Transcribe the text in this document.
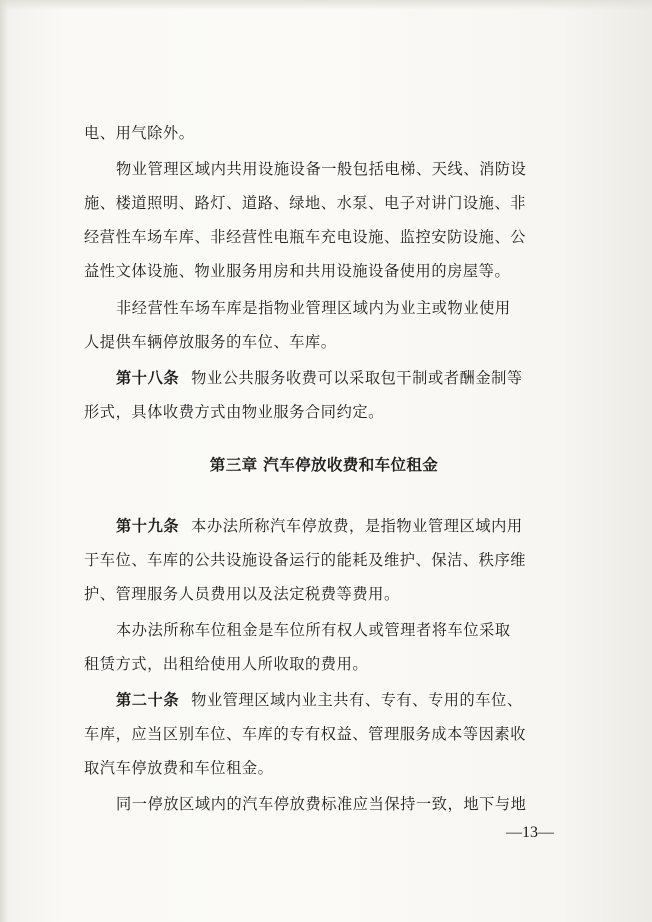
电、用气除外。
物业管理区域内共用设施设备一般包括电梯、天线、消防设
施、楼道照明、路灯、道路、绿地、水泵、电子对讲门设施、非
经营性车场车库、非经营性电瓶车充电设施、监控安防设施、公
益性文体设施、物业服务用房和共用设施设备使用的房屋等。
非经营性车场车库是指物业管理区域内为业主或物业使用
人提供车辆停放服务的车位、车库。
第十八条 物业公共服务收费可以采取包干制或者酬金制等
形式，具体收费方式由物业服务合同约定。
第三章 汽车停放收费和车位租金
第十九条 本办法所称汽车停放费，是指物业管理区域内用
于车位、车库的公共设施设备运行的能耗及维护、保洁、秩序维
护、管理服务人员费用以及法定税费等费用。
本办法所称车位租金是车位所有权人或管理者将车位采取
租赁方式，出租给使用人所收取的费用。
第二十条 物业管理区域内业主共有、专有、专用的车位、
车库，应当区别车位、车库的专有权益、管理服务成本等因素收
取汽车停放费和车位租金。
同一停放区域内的汽车停放费标准应当保持一致，地下与地
—13—
